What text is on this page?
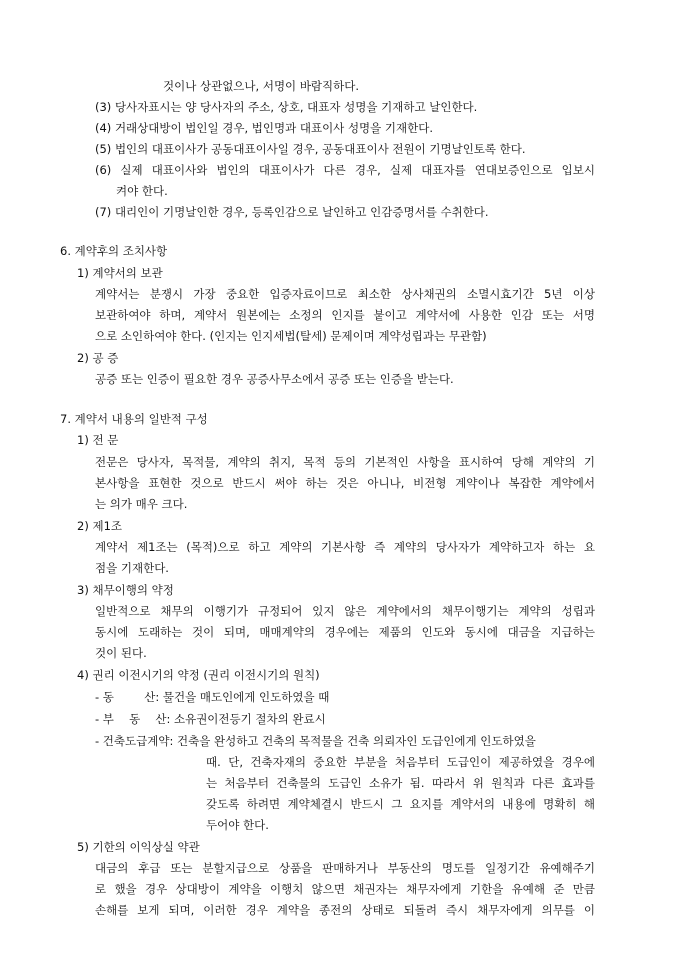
것이나 상관없으나, 서명이 바람직하다.
(3) 당사자표시는 양 당사자의 주소, 상호, 대표자 성명을 기재하고 날인한다.
(4) 거래상대방이 법인일 경우, 법인명과 대표이사 성명을 기재한다.
(5) 법인의 대표이사가 공동대표이사일 경우, 공동대표이사 전원이 기명날인토록 한다.
(6) 실제 대표이사와 법인의 대표이사가 다른 경우, 실제 대표자를 연대보증인으로 입보시
켜야 한다.
(7) 대리인이 기명날인한 경우, 등록인감으로 날인하고 인감증명서를 수취한다.
6. 계약후의 조치사항
1) 계약서의 보관
계약서는 분쟁시 가장 중요한 입증자료이므로 최소한 상사채권의 소멸시효기간 5년 이상
보관하여야 하며, 계약서 원본에는 소정의 인지를 붙이고 계약서에 사용한 인감 또는 서명
으로 소인하여야 한다. (인지는 인지세법(탈세) 문제이며 계약성립과는 무관함)
2) 공 증
공증 또는 인증이 필요한 경우 공증사무소에서 공증 또는 인증을 받는다.
7. 계약서 내용의 일반적 구성
1) 전 문
전문은 당사자, 목적물, 계약의 취지, 목적 등의 기본적인 사항을 표시하여 당해 계약의 기
본사항을 표현한 것으로 반드시 써야 하는 것은 아니나, 비전형 계약이나 복잡한 계약에서
는 의가 매우 크다.
2) 제1조
계약서 제1조는 (목적)으로 하고 계약의 기본사항 즉 계약의 당사자가 계약하고자 하는 요
점을 기재한다.
3) 채무이행의 약정
일반적으로 채무의 이행기가 규정되어 있지 않은 계약에서의 채무이행기는 계약의 성립과
동시에 도래하는 것이 되며, 매매계약의 경우에는 제품의 인도와 동시에 대금을 지급하는
것이 된다.
4) 권리 이전시기의 약정 (권리 이전시기의 원칙)
- 동 　　 산: 물건을 매도인에게 인도하였을 때
- 부 　동 　산: 소유권이전등기 절차의 완료시
- 건축도급계약: 건축을 완성하고 건축의 목적물을 건축 의뢰자인 도급인에게 인도하였을
때. 단, 건축자재의 중요한 부분을 처음부터 도급인이 제공하였을 경우에
는 처음부터 건축물의 도급인 소유가 됨. 따라서 위 원칙과 다른 효과를
갖도록 하려면 계약체결시 반드시 그 요지를 계약서의 내용에 명확히 해
두어야 한다.
5) 기한의 이익상실 약관
대금의 후급 또는 분할지급으로 상품을 판매하거나 부동산의 명도를 일정기간 유예해주기
로 했을 경우 상대방이 계약을 이행치 않으면 채권자는 채무자에게 기한을 유예해 준 만큼
손해를 보게 되며, 이러한 경우 계약을 종전의 상태로 되돌려 즉시 채무자에게 의무를 이
